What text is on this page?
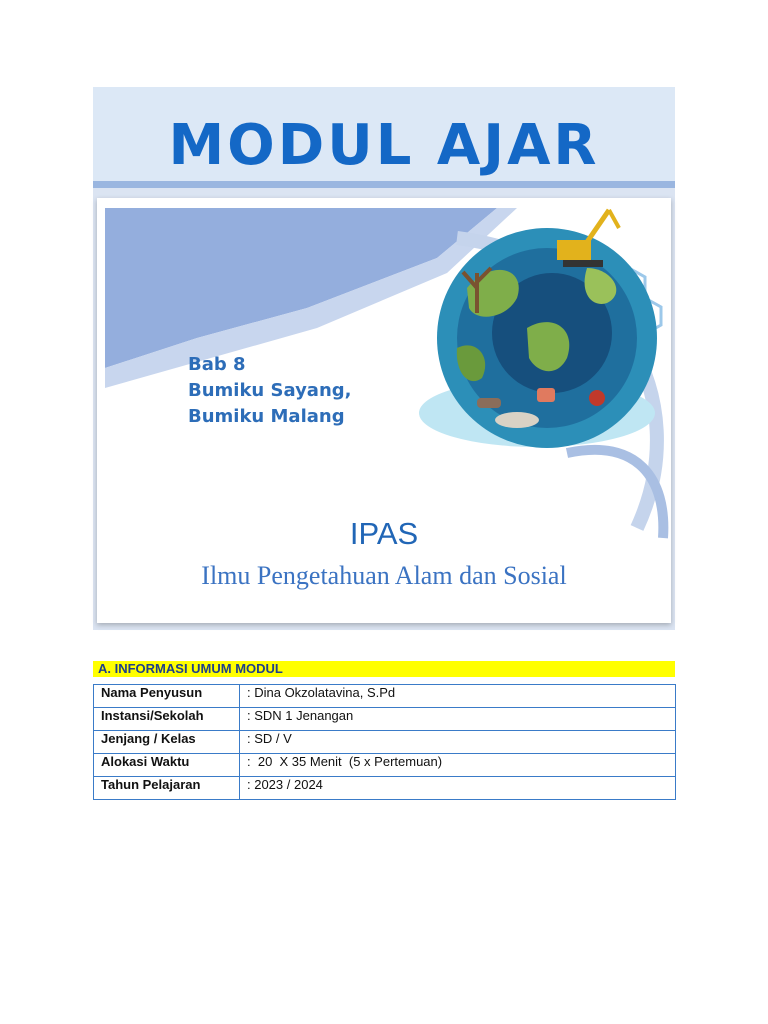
MODUL AJAR
Bab 8
Bumiku Sayang,
Bumiku Malang
IPAS
Ilmu Pengetahuan Alam dan Sosial
A. INFORMASI UMUM MODUL
Nama Penyusun	: Dina Okzolatavina, S.Pd
Instansi/Sekolah	: SDN 1 Jenangan
Jenjang / Kelas	: SD / V
Alokasi Waktu	:  20  X 35 Menit  (5 x Pertemuan)
Tahun Pelajaran	: 2023 / 2024
